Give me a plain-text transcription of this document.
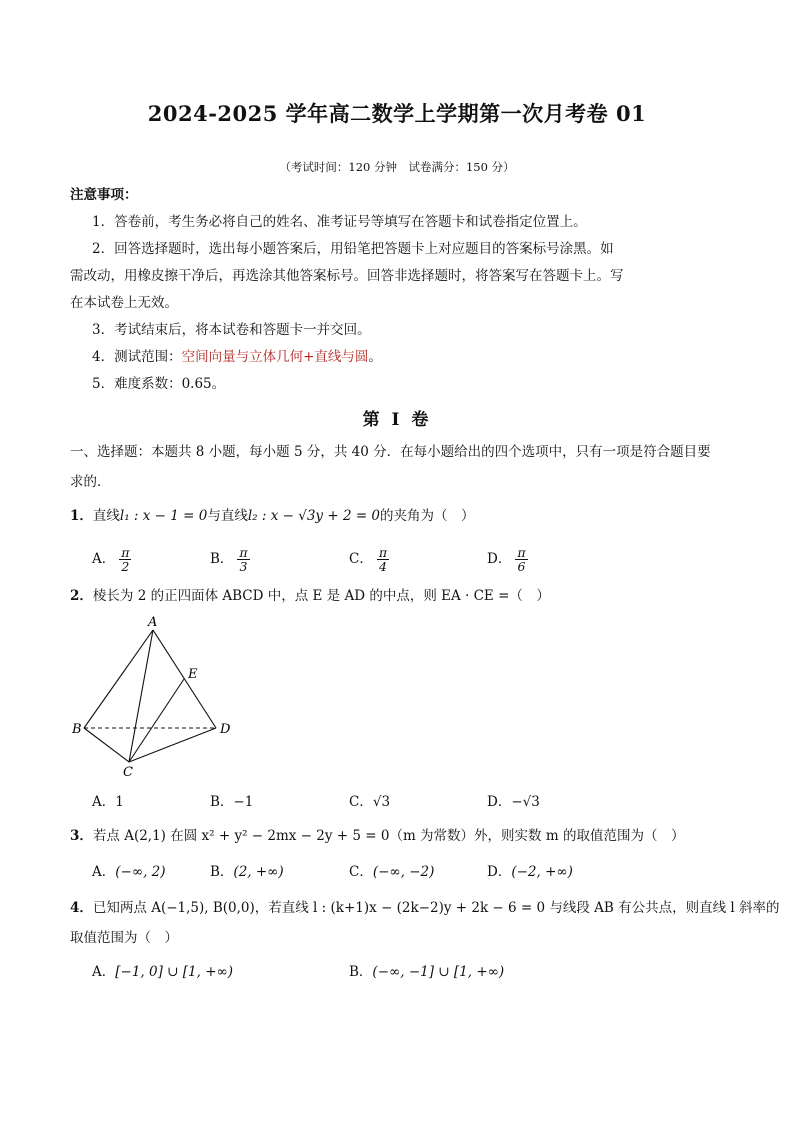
2024-2025 学年高二数学上学期第一次月考卷 01
（考试时间：120 分钟　试卷满分：150 分）
注意事项：
1．答卷前，考生务必将自己的姓名、准考证号等填写在答题卡和试卷指定位置上。
2．回答选择题时，选出每小题答案后，用铅笔把答题卡上对应题目的答案标号涂黑。如
需改动，用橡皮擦干净后，再选涂其他答案标号。回答非选择题时，将答案写在答题卡上。写
在本试卷上无效。
3．考试结束后，将本试卷和答题卡一并交回。
4．测试范围：空间向量与立体几何+直线与圆。
5．难度系数：0.65。
第 Ⅰ 卷
一、选择题：本题共 8 小题，每小题 5 分，共 40 分．在每小题给出的四个选项中，只有一项是符合题目要
求的．
1．直线l₁ : x − 1 = 0与直线l₂ : x − √3y + 2 = 0的夹角为（　）
A． $\frac{\pi}{2}$	B． $\frac{\pi}{3}$	C． $\frac{\pi}{4}$	D． $\frac{\pi}{6}$
2．棱长为 2 的正四面体 ABCD 中，点 E 是 AD 的中点，则 EA · CE =（　）
A
B
C
D
E
A．1	B．−1	C．√3	D．−√3
3．若点 A(2,1) 在圆 x² + y² − 2mx − 2y + 5 = 0（m 为常数）外，则实数 m 的取值范围为（　）
A．(−∞, 2)	B．(2, +∞)	C．(−∞, −2)	D．(−2, +∞)
4．已知两点 A(−1,5), B(0,0)，若直线 l : (k+1)x − (2k−2)y + 2k − 6 = 0 与线段 AB 有公共点，则直线 l 斜率的
取值范围为（　）
A．[−1, 0] ∪ [1, +∞)	B．(−∞, −1] ∪ [1, +∞)
